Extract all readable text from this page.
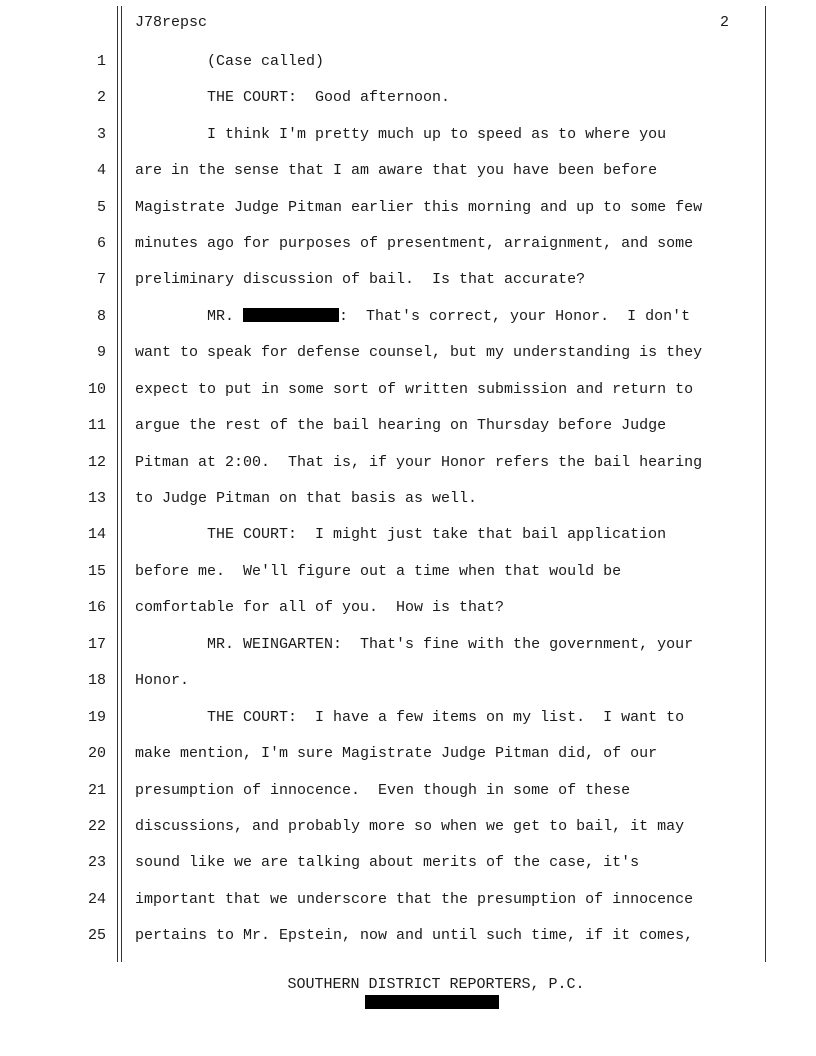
J78repsc	2
1 (Case called)
2 THE COURT:  Good afternoon.
3 I think I'm pretty much up to speed as to where you
4 are in the sense that I am aware that you have been before
5 Magistrate Judge Pitman earlier this morning and up to some few
6 minutes ago for purposes of presentment, arraignment, and some
7 preliminary discussion of bail.  Is that accurate?
8 MR.	:  That's correct, your Honor.  I don't
9 want to speak for defense counsel, but my understanding is they
10 expect to put in some sort of written submission and return to
11 argue the rest of the bail hearing on Thursday before Judge
12 Pitman at 2:00.  That is, if your Honor refers the bail hearing
13 to Judge Pitman on that basis as well.
14 THE COURT:  I might just take that bail application
15 before me.  We'll figure out a time when that would be
16 comfortable for all of you.  How is that?
17 MR. WEINGARTEN:  That's fine with the government, your
18 Honor.
19 THE COURT:  I have a few items on my list.  I want to
20 make mention, I'm sure Magistrate Judge Pitman did, of our
21 presumption of innocence.  Even though in some of these
22 discussions, and probably more so when we get to bail, it may
23 sound like we are talking about merits of the case, it's
24 important that we underscore that the presumption of innocence
25 pertains to Mr. Epstein, now and until such time, if it comes,
SOUTHERN DISTRICT REPORTERS, P.C.
